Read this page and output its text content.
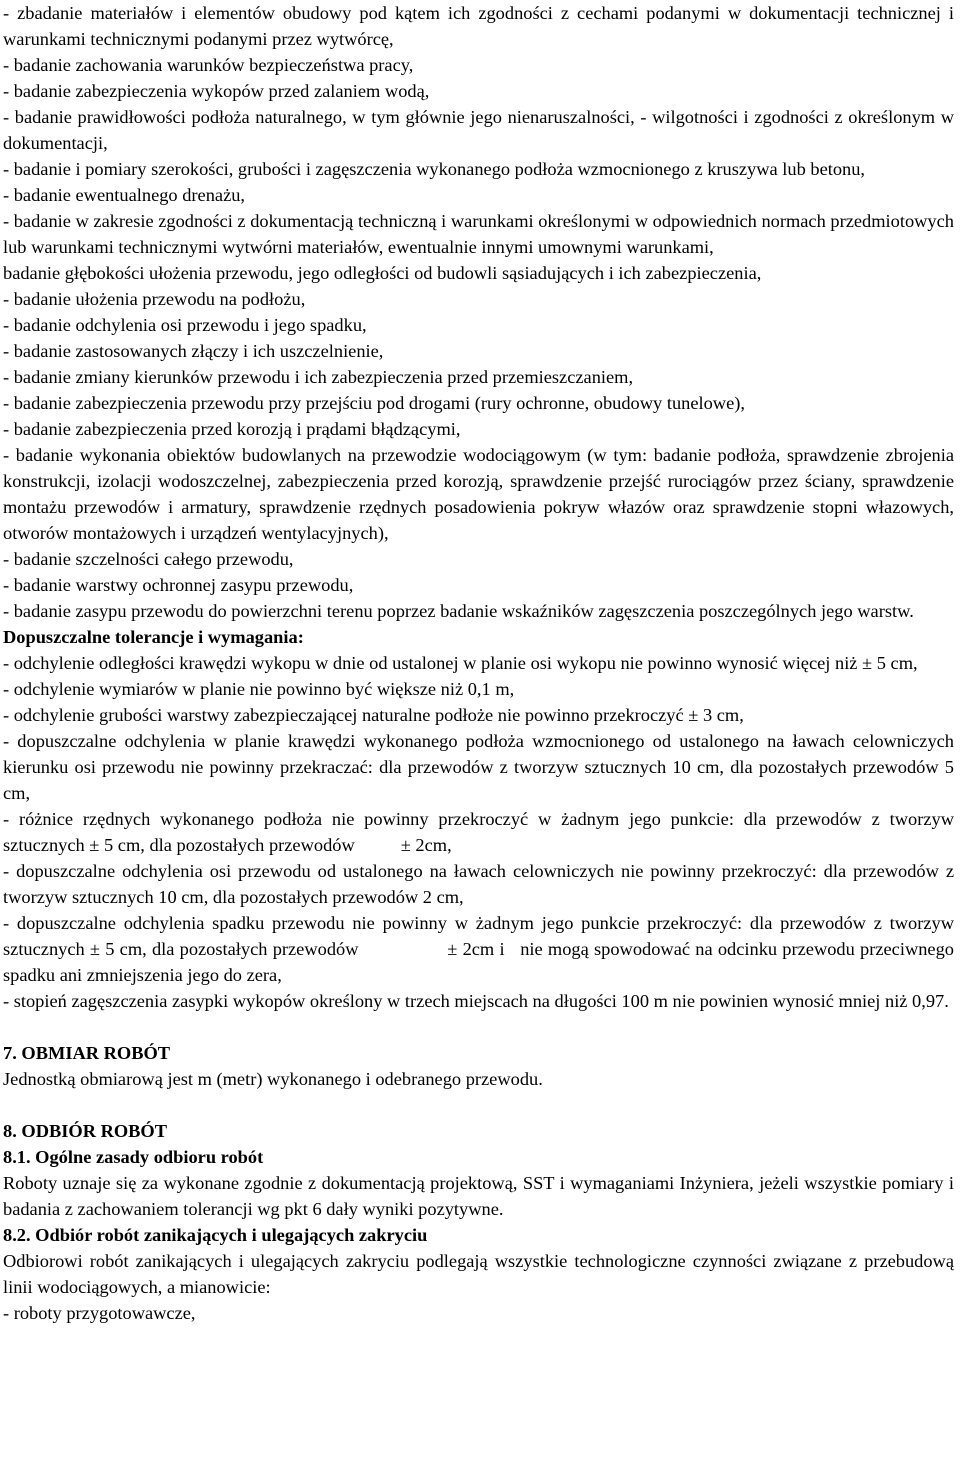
- zbadanie materiałów i elementów obudowy pod kątem ich zgodności z cechami podanymi w dokumentacji technicznej i warunkami technicznymi podanymi przez wytwórcę,

- badanie zachowania warunków bezpieczeństwa pracy,

- badanie zabezpieczenia wykopów przed zalaniem wodą,

- badanie prawidłowości podłoża naturalnego, w tym głównie jego nienaruszalności, - wilgotności i zgodności z określonym w dokumentacji,

- badanie i pomiary szerokości, grubości i zagęszczenia wykonanego podłoża wzmocnionego z kruszywa lub betonu,

- badanie ewentualnego drenażu,

- badanie w zakresie zgodności z dokumentacją techniczną i warunkami określonymi w odpowiednich normach przedmiotowych lub warunkami technicznymi wytwórni materiałów, ewentualnie innymi umownymi warunkami,

badanie głębokości ułożenia przewodu, jego odległości od budowli sąsiadujących i ich zabezpieczenia,

- badanie ułożenia przewodu na podłożu,

- badanie odchylenia osi przewodu i jego spadku,

- badanie zastosowanych złączy i ich uszczelnienie,

- badanie zmiany kierunków przewodu i ich zabezpieczenia przed przemieszczaniem,

- badanie zabezpieczenia przewodu przy przejściu pod drogami (rury ochronne, obudowy tunelowe),

- badanie zabezpieczenia przed korozją i prądami błądzącymi,

- badanie wykonania obiektów budowlanych na przewodzie wodociągowym (w tym: badanie podłoża, sprawdzenie zbrojenia konstrukcji, izolacji wodoszczelnej, zabezpieczenia przed korozją, sprawdzenie przejść rurociągów przez ściany, sprawdzenie montażu przewodów i armatury, sprawdzenie rzędnych posadowienia pokryw włazów oraz sprawdzenie stopni włazowych, otworów montażowych i urządzeń wentylacyjnych),

- badanie szczelności całego przewodu,

- badanie warstwy ochronnej zasypu przewodu,

- badanie zasypu przewodu do powierzchni terenu poprzez badanie wskaźników zagęszczenia poszczególnych jego warstw.

Dopuszczalne tolerancje i wymagania:

- odchylenie odległości krawędzi wykopu w dnie od ustalonej w planie osi wykopu nie powinno wynosić więcej niż ± 5 cm,

- odchylenie wymiarów w planie nie powinno być większe niż 0,1 m,

- odchylenie grubości warstwy zabezpieczającej naturalne podłoże nie powinno przekroczyć ± 3 cm,

- dopuszczalne odchylenia w planie krawędzi wykonanego podłoża wzmocnionego od ustalonego na ławach celowniczych kierunku osi przewodu nie powinny przekraczać: dla przewodów z tworzyw sztucznych 10 cm, dla pozostałych przewodów 5 cm,

- różnice rzędnych wykonanego podłoża nie powinny przekroczyć w żadnym jego punkcie: dla przewodów z tworzyw sztucznych ± 5 cm, dla pozostałych przewodów          ± 2cm,

- dopuszczalne odchylenia osi przewodu od ustalonego na ławach celowniczych nie powinny przekroczyć: dla przewodów z tworzyw sztucznych 10 cm, dla pozostałych przewodów 2 cm,

- dopuszczalne odchylenia spadku przewodu nie powinny w żadnym jego punkcie przekroczyć: dla przewodów z tworzyw sztucznych ± 5 cm, dla pozostałych przewodów                 ± 2cm i   nie mogą spowodować na odcinku przewodu przeciwnego spadku ani zmniejszenia jego do zera,

- stopień zagęszczenia zasypki wykopów określony w trzech miejscach na długości 100 m nie powinien wynosić mniej niż 0,97.

7. OBMIAR ROBÓT

Jednostką obmiarową jest m (metr) wykonanego i odebranego przewodu.

8. ODBIÓR ROBÓT

8.1. Ogólne zasady odbioru robót

Roboty uznaje się za wykonane zgodnie z dokumentacją projektową, SST i wymaganiami Inżyniera, jeżeli wszystkie pomiary i badania z zachowaniem tolerancji wg pkt 6 dały wyniki pozytywne.

8.2. Odbiór robót zanikających i ulegających zakryciu

Odbiorowi robót zanikających i ulegających zakryciu podlegają wszystkie technologiczne czynności związane z przebudową linii wodociągowych, a mianowicie:

- roboty przygotowawcze,
